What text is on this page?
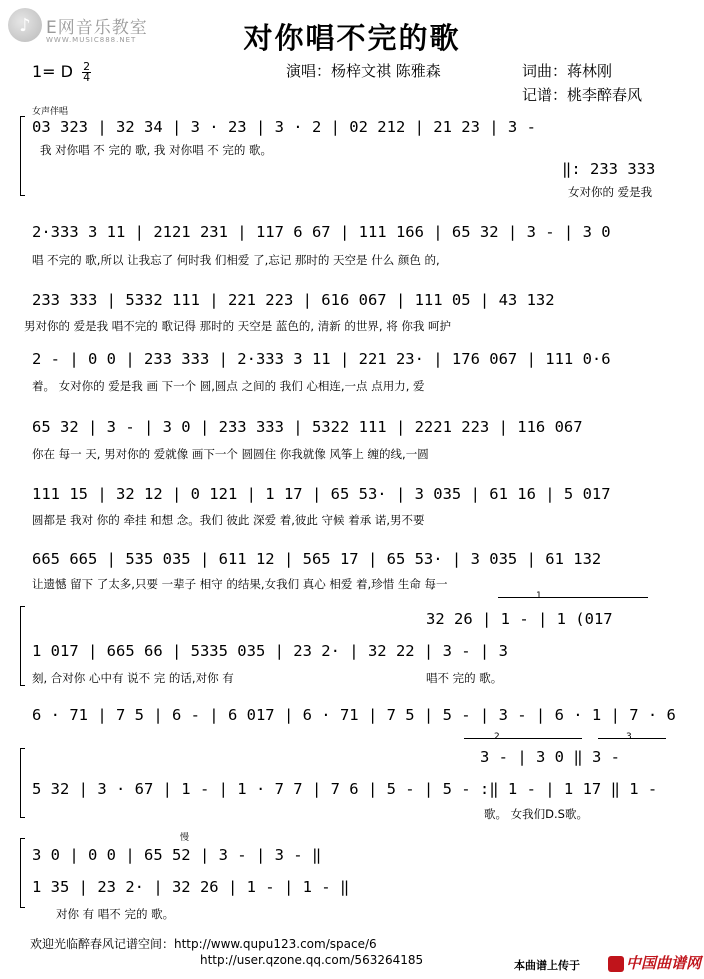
♪ E网音乐教室
WWW.MUSIC888.NET	对你唱不完的歌
1= D $\frac{2}{4}$	演唱：杨梓文祺 陈雅森	词曲：蒋林刚
记谱：桃李醉春风
女声伴唱
1
2	3
慢
03 323 | 32 34 | 3 · 23 | 3 · 2 | 02 212 | 21 23 | 3 -
我 对你唱 不 完的 歌, 我 对你唱 不 完的 歌。
‖: 233 333
女对你的 爱是我
2·333 3 11 | 2121 231 | 117 6 67 | 111 166 | 65 32 | 3 - | 3 0
唱 不完的 歌,所以 让我忘了 何时我 们相爱 了,忘记 那时的 天空是 什么 颜色 的,
233 333 | 5332 111 | 221 223 | 616 067 | 111 05 | 43 132
男对你的 爱是我 唱不完的 歌记得 那时的 天空是 蓝色的, 清新 的世界, 将 你我 呵护
2 - | 0 0 | 233 333 | 2·333 3 11 | 221 23· | 176 067 | 111 0·6
着。 女对你的 爱是我 画 下一个 圆,圆点 之间的 我们 心相连,一点 点用力, 爱
65 32 | 3 - | 3 0 | 233 333 | 5322 111 | 2221 223 | 116 067
你在 每一 天, 男对你的 爱就像 画下一个 圆圆住 你我就像 风筝上 缠的线,一圆
111 15 | 32 12 | 0 121 | 1 17 | 65 53· | 3 035 | 61 16 | 5 017
圆都是 我对 你的 牵挂 和想 念。我们 彼此 深爱 着,彼此 守候 着承 诺,男不要
665 665 | 535 035 | 611 12 | 565 17 | 65 53· | 3 035 | 61 132
让遗憾 留下 了太多,只要 一辈子 相守 的结果,女我们 真心 相爱 着,珍惜 生命 每一
1 017 | 665 66 | 5335 035 | 23 2· | 32 22 | 3 - | 3
刻, 合对你 心中有 说不 完 的话,对你 有
32 26 | 1 - | 1 (017
唱不 完的 歌。
6 · 71 | 7 5 | 6 - | 6 017 | 6 · 71 | 7 5 | 5 - | 3 - | 6 · 1 | 7 · 6
3 - | 3 0 ‖ 3 -
5 32 | 3 · 67 | 1 - | 1 · 7 7 | 7 6 | 5 - | 5 - :‖ 1 - | 1 17 ‖ 1 -
歌。 女我们D.S歌。
3 0 | 0 0 | 65 52 | 3 - | 3 - ‖
1 35 | 23 2· | 32 26 | 1 - | 1 - ‖
对你 有 唱不 完的 歌。
欢迎光临醉春风记谱空间：http://www.qupu123.com/space/6
http://user.qzone.qq.com/563264185	本曲谱上传于	中国曲谱网
